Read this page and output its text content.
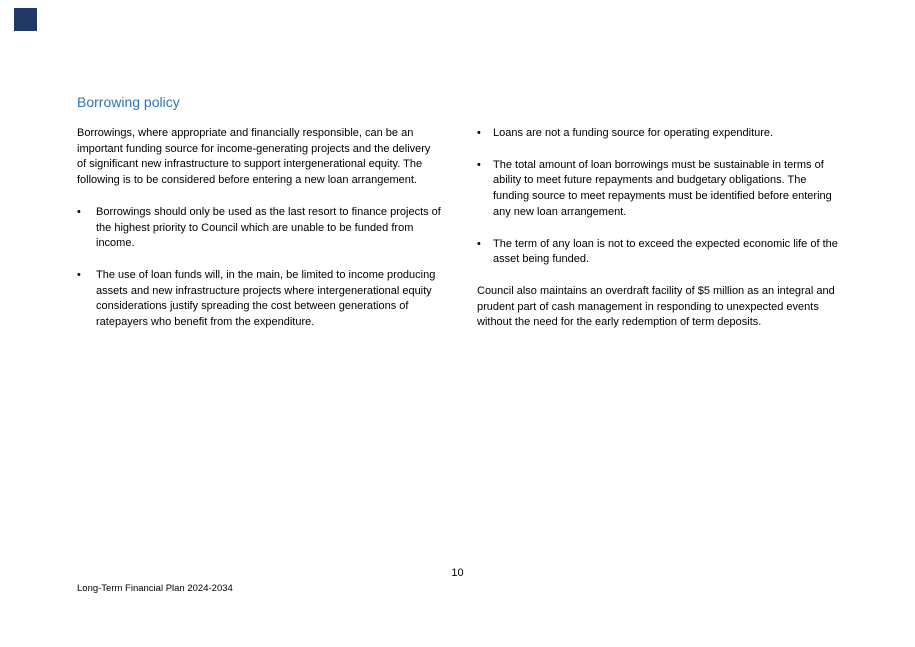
Borrowing policy

Borrowings, where appropriate and financially responsible, can be an important funding source for income-generating projects and the delivery of significant new infrastructure to support intergenerational equity. The following is to be considered before entering a new loan arrangement.

•	Borrowings should only be used as the last resort to finance projects of the highest priority to Council which are unable to be funded from income.
•	The use of loan funds will, in the main, be limited to income producing assets and new infrastructure projects where intergenerational equity considerations justify spreading the cost between generations of ratepayers who benefit from the expenditure.
•	Loans are not a funding source for operating expenditure.
•	The total amount of loan borrowings must be sustainable in terms of ability to meet future repayments and budgetary obligations. The funding source to meet repayments must be identified before entering any new loan arrangement.
•	The term of any loan is not to exceed the expected economic life of the asset being funded.

Council also maintains an overdraft facility of $5 million as an integral and prudent part of cash management in responding to unexpected events without the need for the early redemption of term deposits.

10
Long-Term Financial Plan 2024-2034
